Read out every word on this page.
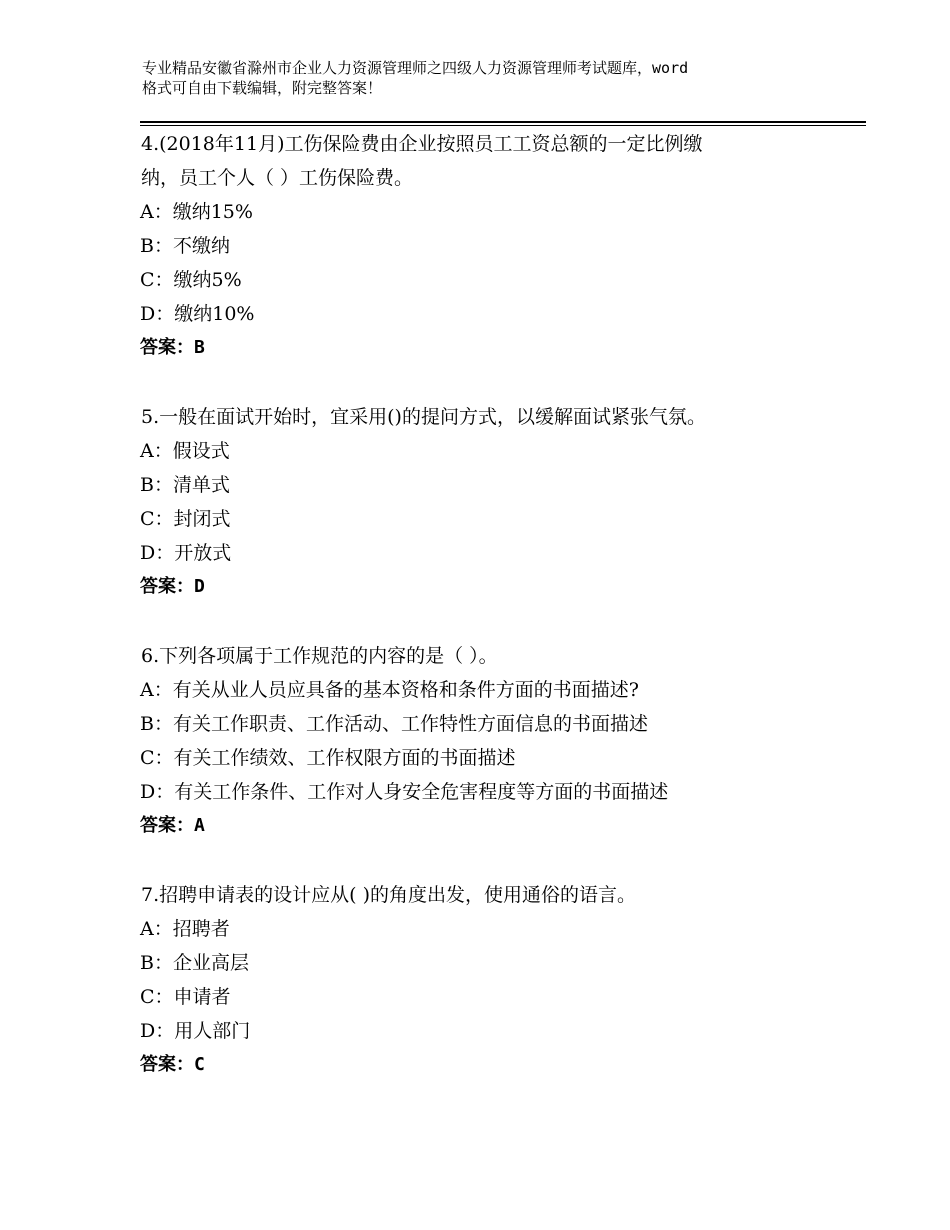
专业精品安徽省滁州市企业人力资源管理师之四级人力资源管理师考试题库，word
格式可自由下载编辑，附完整答案！
4.(2018年11月)工伤保险费由企业按照员工工资总额的一定比例缴
纳，员工个人（ ）工伤保险费。
A：缴纳15%
B：不缴纳
C：缴纳5%
D：缴纳10%
答案：B
5.一般在面试开始时，宜采用()的提问方式，以缓解面试紧张气氛。
A：假设式
B：清单式
C：封闭式
D：开放式
答案：D
6.下列各项属于工作规范的内容的是（ ）。
A：有关从业人员应具备的基本资格和条件方面的书面描述?
B：有关工作职责、工作活动、工作特性方面信息的书面描述
C：有关工作绩效、工作权限方面的书面描述
D：有关工作条件、工作对人身安全危害程度等方面的书面描述
答案：A
7.招聘申请表的设计应从( )的角度出发，使用通俗的语言。
A：招聘者
B：企业高层
C：申请者
D：用人部门
答案：C
